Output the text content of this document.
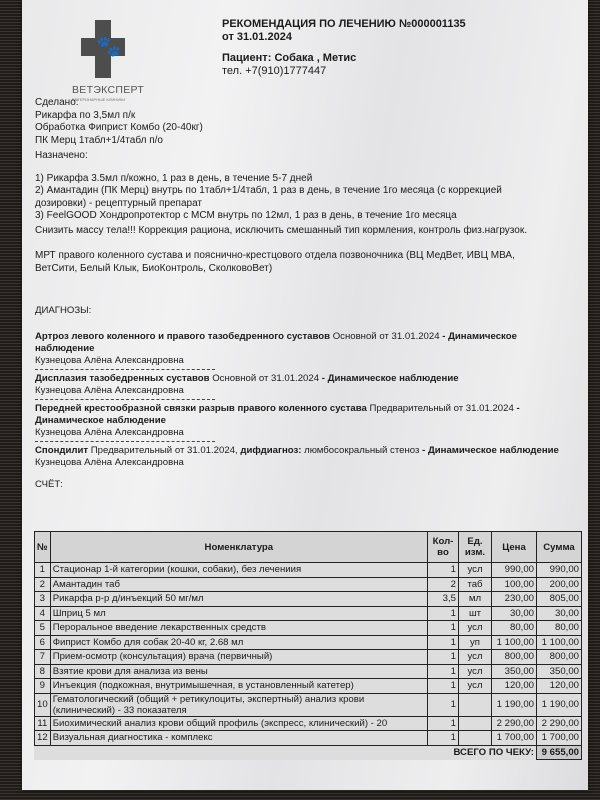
🐾
ВЕТЭКСПЕРТ
ВЕТЕРИНАРНЫЕ КЛИНИКИ
РЕКОМЕНДАЦИЯ ПО ЛЕЧЕНИЮ №000001135
от 31.01.2024
Пациент: Собака , Метис
тел. +7(910)1777447
Сделано:
Рикарфа по 3,5мл п/к
Обработка Фиприст Комбо (20-40кг)
ПК Мерц 1табл+1/4табл п/о
Назначено:
1) Рикарфа 3.5мл п/кожно, 1 раз в день, в течение 5-7 дней
2) Амантадин (ПК Мерц) внутрь по 1табл+1/4табл, 1 раз в день, в течение 1го месяца (с коррекцией дозировки) - рецептурный препарат
3) FeelGOOD Хондропротектор с МСМ внутрь по 12мл, 1 раз в день, в течение 1го месяца
Снизить массу тела!!! Коррекция рациона, исключить смешанный тип кормления, контроль физ.нагрузок.
МРТ правого коленного сустава и пояснично-крестцового отдела позвоночника (ВЦ МедВет, ИВЦ МВА, ВетСити, Белый Клык, БиоКонтроль, СколковоВет)
ДИАГНОЗЫ:
Артроз левого коленного и правого тазобедренного суставов Основной от 31.01.2024 - Динамическое наблюдение
Кузнецова Алёна Александровна
Дисплазия тазобедренных суставов Основной от 31.01.2024 - Динамическое наблюдение
Кузнецова Алёна Александровна
Передней крестообразной связки разрыв правого коленного сустава Предварительный от 31.01.2024 - Динамическое наблюдение
Кузнецова Алёна Александровна
Спондилит Предварительный от 31.01.2024, дифдиагноз: люмбосокральный стеноз - Динамическое наблюдение
Кузнецова Алёна Александровна
СЧЁТ:
№	Номенклатура	Кол-во	Ед. изм.	Цена	Сумма
1	Стационар 1-й категории (кошки, собаки), без лечениия	1	усл	990,00	990,00
2	Амантадин таб	2	таб	100,00	200,00
3	Рикарфа р-р д/инъекций 50 мг/мл	3,5	мл	230,00	805,00
4	Шприц 5 мл	1	шт	30,00	30,00
5	Пероральное введение лекарственных средств	1	усл	80,00	80,00
6	Фиприст Комбо для собак 20-40 кг, 2.68 мл	1	уп	1 100,00	1 100,00
7	Прием-осмотр (консультация) врача (первичный)	1	усл	800,00	800,00
8	Взятие крови для анализа из вены	1	усл	350,00	350,00
9	Инъекция (подкожная, внутримышечная, в установленный катетер)	1	усл	120,00	120,00
10	Гематологический (общий + ретикулоциты, экспертный) анализ крови (клинический) - 33 показателя	1		1 190,00	1 190,00
11	Биохимический анализ крови общий профиль (экспресс, клинический) - 20	1		2 290,00	2 290,00
12	Визуальная диагностика - комплекс	1		1 700,00	1 700,00
ВСЕГО ПО ЧЕКУ:					9 655,00
